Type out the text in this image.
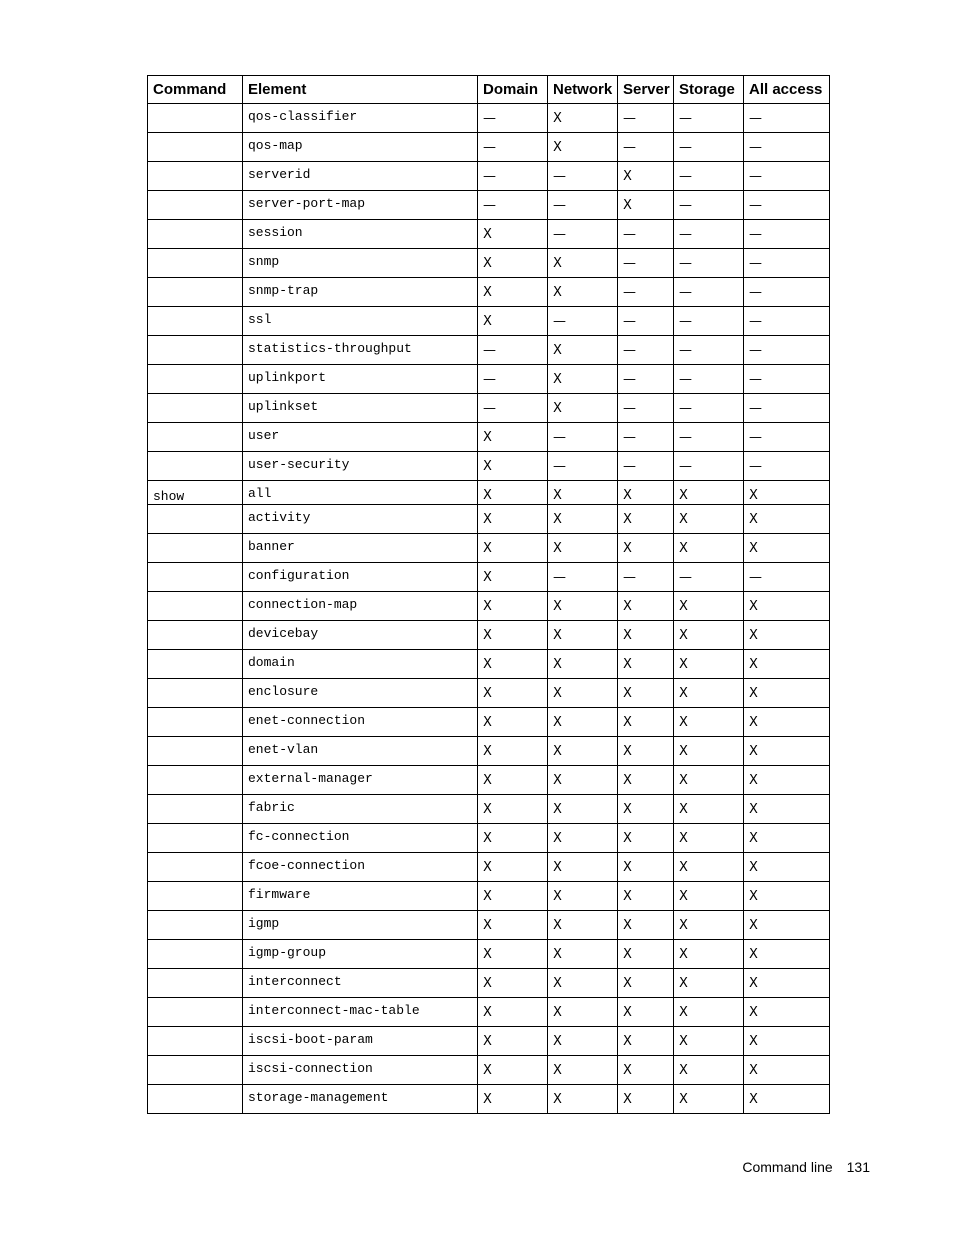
Command	Element	Domain	Network	Server	Storage	All access
	qos-classifier	—	X	—	—	—
	qos-map	—	X	—	—	—
	serverid	—	—	X	—	—
	server-port-map	—	—	X	—	—
	session	X	—	—	—	—
	snmp	X	X	—	—	—
	snmp-trap	X	X	—	—	—
	ssl	X	—	—	—	—
	statistics-throughput	—	X	—	—	—
	uplinkport	—	X	—	—	—
	uplinkset	—	X	—	—	—
	user	X	—	—	—	—
	user-security	X	—	—	—	—
show	all	X	X	X	X	X
	activity	X	X	X	X	X
	banner	X	X	X	X	X
	configuration	X	—	—	—	—
	connection-map	X	X	X	X	X
	devicebay	X	X	X	X	X
	domain	X	X	X	X	X
	enclosure	X	X	X	X	X
	enet-connection	X	X	X	X	X
	enet-vlan	X	X	X	X	X
	external-manager	X	X	X	X	X
	fabric	X	X	X	X	X
	fc-connection	X	X	X	X	X
	fcoe-connection	X	X	X	X	X
	firmware	X	X	X	X	X
	igmp	X	X	X	X	X
	igmp-group	X	X	X	X	X
	interconnect	X	X	X	X	X
	interconnect-mac-table	X	X	X	X	X
	iscsi-boot-param	X	X	X	X	X
	iscsi-connection	X	X	X	X	X
	storage-management	X	X	X	X	X
Command line 131
